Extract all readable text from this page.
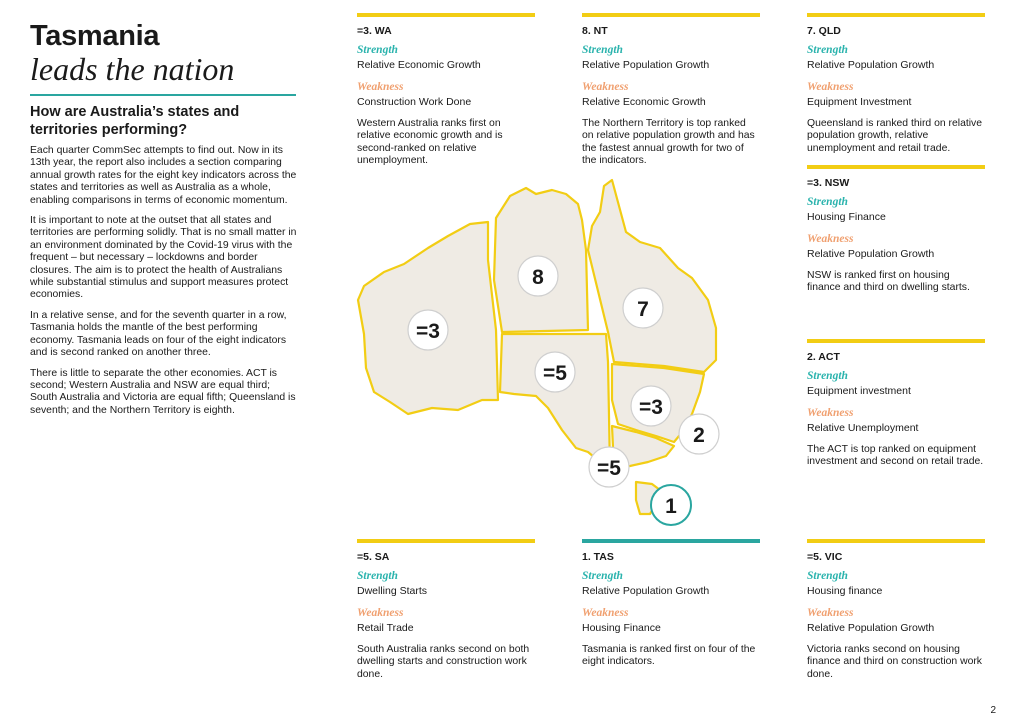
Tasmania
leads the nation
How are Australia’s states and territories performing?

Each quarter CommSec attempts to find out. Now in its 13th year, the report also includes a section comparing annual growth rates for the eight key indicators across the states and territories as well as Australia as a whole, enabling comparisons in terms of economic momentum.

It is important to note at the outset that all states and territories are performing solidly. That is no small matter in an environment dominated by the Covid-19 virus with the frequent – but necessary – lockdowns and border closures. The aim is to protect the health of Australians while substantial stimulus and support measures protect economies.

In a relative sense, and for the seventh quarter in a row, Tasmania holds the mantle of the best performing economy. Tasmania leads on four of the eight indicators and is second ranked on another three.

There is little to separate the other economies. ACT is second; Western Australia and NSW are equal third; South Australia and Victoria are equal fifth; Queensland is seventh; and the Northern Territory is eighth.

=3. WA
Strength
Relative Economic Growth
Weakness
Construction Work Done
Western Australia ranks first on relative economic growth and is second-ranked on relative unemployment.
8. NT
Strength
Relative Population Growth
Weakness
Relative Economic Growth
The Northern Territory is top ranked on relative population growth and has the fastest annual growth for two of the indicators.
7. QLD
Strength
Relative Population Growth
Weakness
Equipment Investment
Queensland is ranked third on relative population growth, relative unemployment and retail trade.
=3. NSW
Strength
Housing Finance
Weakness
Relative Population Growth
NSW is ranked first on housing finance and third on dwelling starts.
2. ACT
Strength
Equipment investment
Weakness
Relative Unemployment
The ACT is top ranked on equipment investment and second on retail trade.
=5. SA
Strength
Dwelling Starts
Weakness
Retail Trade
South Australia ranks second on both dwelling starts and construction work done.
1. TAS
Strength
Relative Population Growth
Weakness
Housing Finance
Tasmania is ranked first on four of the eight indicators.
=5. VIC
Strength
Housing finance
Weakness
Relative Population Growth
Victoria ranks second on housing finance and third on construction work done.
=3
8
7
=5
=3
2
=5
1
2
